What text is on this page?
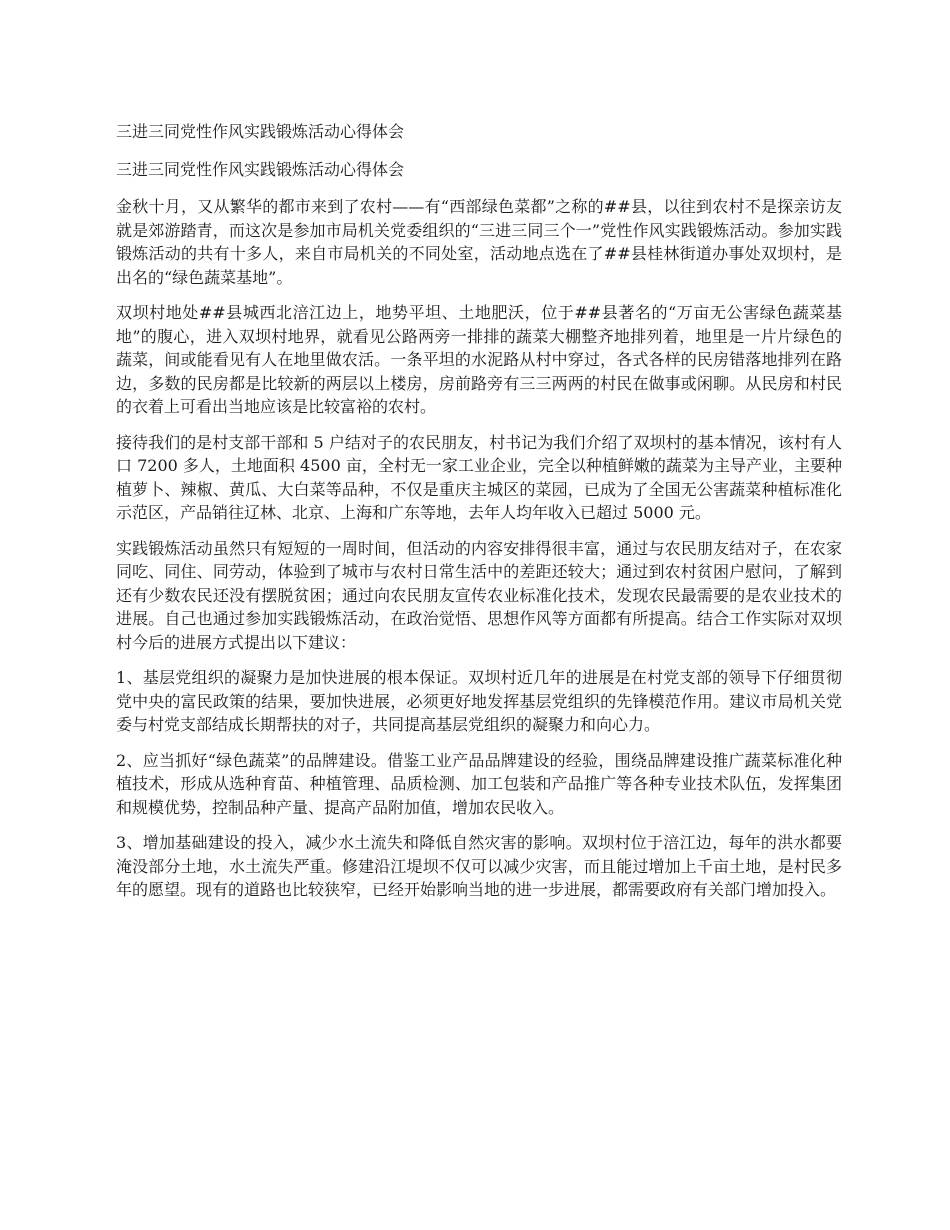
三进三同党性作风实践锻炼活动心得体会

三进三同党性作风实践锻炼活动心得体会

金秋十月，又从繁华的都市来到了农村——有“西部绿色菜都”之称的##县，以往到农村不是探亲访友就是郊游踏青，而这次是参加市局机关党委组织的“三进三同三个一”党性作风实践锻炼活动。参加实践锻炼活动的共有十多人，来自市局机关的不同处室，活动地点选在了##县桂林街道办事处双坝村，是出名的“绿色蔬菜基地”。

双坝村地处##县城西北涪江边上，地势平坦、土地肥沃，位于##县著名的“万亩无公害绿色蔬菜基地”的腹心，进入双坝村地界，就看见公路两旁一排排的蔬菜大棚整齐地排列着，地里是一片片绿色的蔬菜，间或能看见有人在地里做农活。一条平坦的水泥路从村中穿过，各式各样的民房错落地排列在路边，多数的民房都是比较新的两层以上楼房，房前路旁有三三两两的村民在做事或闲聊。从民房和村民的衣着上可看出当地应该是比较富裕的农村。

接待我们的是村支部干部和 5 户结对子的农民朋友，村书记为我们介绍了双坝村的基本情况，该村有人口 7200 多人，土地面积 4500 亩，全村无一家工业企业，完全以种植鲜嫩的蔬菜为主导产业，主要种植萝卜、辣椒、黄瓜、大白菜等品种，不仅是重庆主城区的菜园，已成为了全国无公害蔬菜种植标准化示范区，产品销往辽林、北京、上海和广东等地，去年人均年收入已超过 5000 元。

实践锻炼活动虽然只有短短的一周时间，但活动的内容安排得很丰富，通过与农民朋友结对子，在农家同吃、同住、同劳动，体验到了城市与农村日常生活中的差距还较大；通过到农村贫困户慰问，了解到还有少数农民还没有摆脱贫困；通过向农民朋友宣传农业标准化技术，发现农民最需要的是农业技术的进展。自己也通过参加实践锻炼活动，在政治觉悟、思想作风等方面都有所提高。结合工作实际对双坝村今后的进展方式提出以下建议：

1、基层党组织的凝聚力是加快进展的根本保证。双坝村近几年的进展是在村党支部的领导下仔细贯彻党中央的富民政策的结果，要加快进展，必须更好地发挥基层党组织的先锋模范作用。建议市局机关党委与村党支部结成长期帮扶的对子，共同提高基层党组织的凝聚力和向心力。

2、应当抓好“绿色蔬菜”的品牌建设。借鉴工业产品品牌建设的经验，围绕品牌建设推广蔬菜标准化种植技术，形成从选种育苗、种植管理、品质检测、加工包装和产品推广等各种专业技术队伍，发挥集团和规模优势，控制品种产量、提高产品附加值，增加农民收入。

3、增加基础建设的投入，减少水土流失和降低自然灾害的影响。双坝村位于涪江边，每年的洪水都要淹没部分土地，水土流失严重。修建沿江堤坝不仅可以减少灾害，而且能过增加上千亩土地，是村民多年的愿望。现有的道路也比较狭窄，已经开始影响当地的进一步进展，都需要政府有关部门增加投入。
